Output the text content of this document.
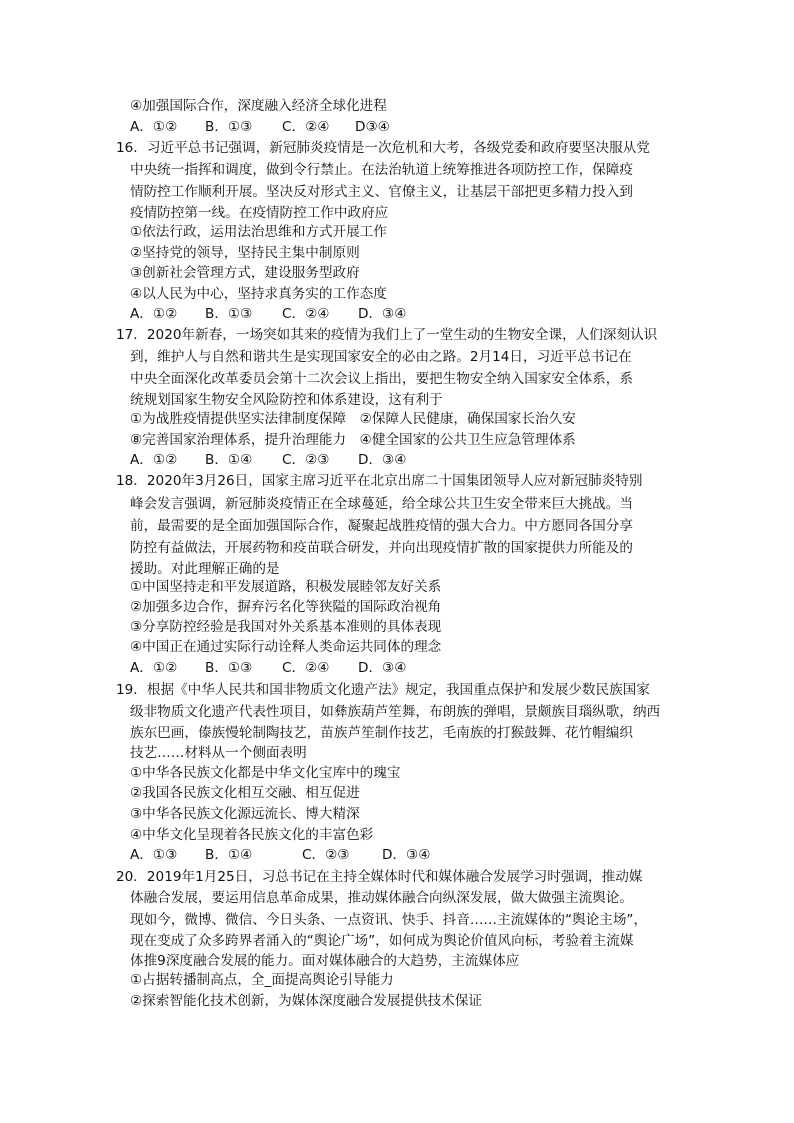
④加强国际合作，深度融入经济全球化进程
A．①② B．①③ C．②④ D③④
16．习近平总书记强调，新冠肺炎疫情是一次危机和大考，各级党委和政府要坚决服从党
中央统一指挥和调度，做到令行禁止。在法治轨道上统筹推进各项防控工作，保障疫
情防控工作顺利开展。坚决反对形式主义、官僚主义，让基层干部把更多精力投入到
疫情防控第一线。在疫情防控工作中政府应
①依法行政，运用法治思维和方式开展工作
②坚持党的领导，坚持民主集中制原则
③创新社会管理方式，建设服务型政府
④以人民为中心，坚持求真务实的工作态度
A．①② B．①③ C．②④ D．③④
17．2020年新春，一场突如其来的疫情为我们上了一堂生动的生物安全课，人们深刻认识
到，维护人与自然和谐共生是实现国家安全的必由之路。2月14日，习近平总书记在
中央全面深化改革委员会第十二次会议上指出，要把生物安全纳入国家安全体系，系
统规划国家生物安全风险防控和体系建设，这有利于
①为战胜疫情提供坚实法律制度保障　②保障人民健康，确保国家长治久安
⑧完善国家治理体系，提升治理能力　④健全国家的公共卫生应急管理体系
A．①② B．①④ C．②③ D．③④
18．2020年3月26日，国家主席习近平在北京出席二十国集团领导人应对新冠肺炎特别
峰会发言强调，新冠肺炎疫情正在全球蔓延，给全球公共卫生安全带来巨大挑战。当
前，最需要的是全面加强国际合作，凝聚起战胜疫情的强大合力。中方愿同各国分享
防控有益做法，开展药物和疫苗联合研发，并向出现疫情扩散的国家提供力所能及的
援助。对此理解正确的是
①中国坚持走和平发展道路，积极发展睦邻友好关系
②加强多边合作，摒弃污名化等狭隘的国际政治视角
③分享防控经验是我国对外关系基本准则的具体表现
④中国正在通过实际行动诠释人类命运共同体的理念
A．①② B．①③ C．②④ D．③④
19．根据《中华人民共和国非物质文化遗产法》规定，我国重点保护和发展少数民族国家
级非物质文化遗产代表性项目，如彝族葫芦笙舞，布朗族的弹唱，景颇族目瑙纵歌，纳西
族东巴画，傣族慢轮制陶技艺，苗族芦笙制作技艺，毛南族的打猴鼓舞、花竹帽编织
技艺……材料从一个侧面表明
①中华各民族文化都是中华文化宝库中的瑰宝
②我国各民族文化相互交融、相互促进
③中华各民族文化源远流长、博大精深
④中华文化呈现着各民族文化的丰富色彩
A．①③ B．①④	C．②③ D．③④
20．2019年1月25日，习总书记在主持全媒体时代和媒体融合发展学习时强调，推动媒
体融合发展，要运用信息革命成果，推动媒体融合向纵深发展，做大做强主流舆论。
现如今，微博、微信、今日头条、一点资讯、快手、抖音……主流媒体的“舆论主场”，
现在变成了众多跨界者涌入的“舆论广场”，如何成为舆论价值风向标，考验着主流媒
体推9深度融合发展的能力。面对媒体融合的大趋势，主流媒体应
①占据转播制高点，全_面提高舆论引导能力
②探索智能化技术创新，为媒体深度融合发展提供技术保证
